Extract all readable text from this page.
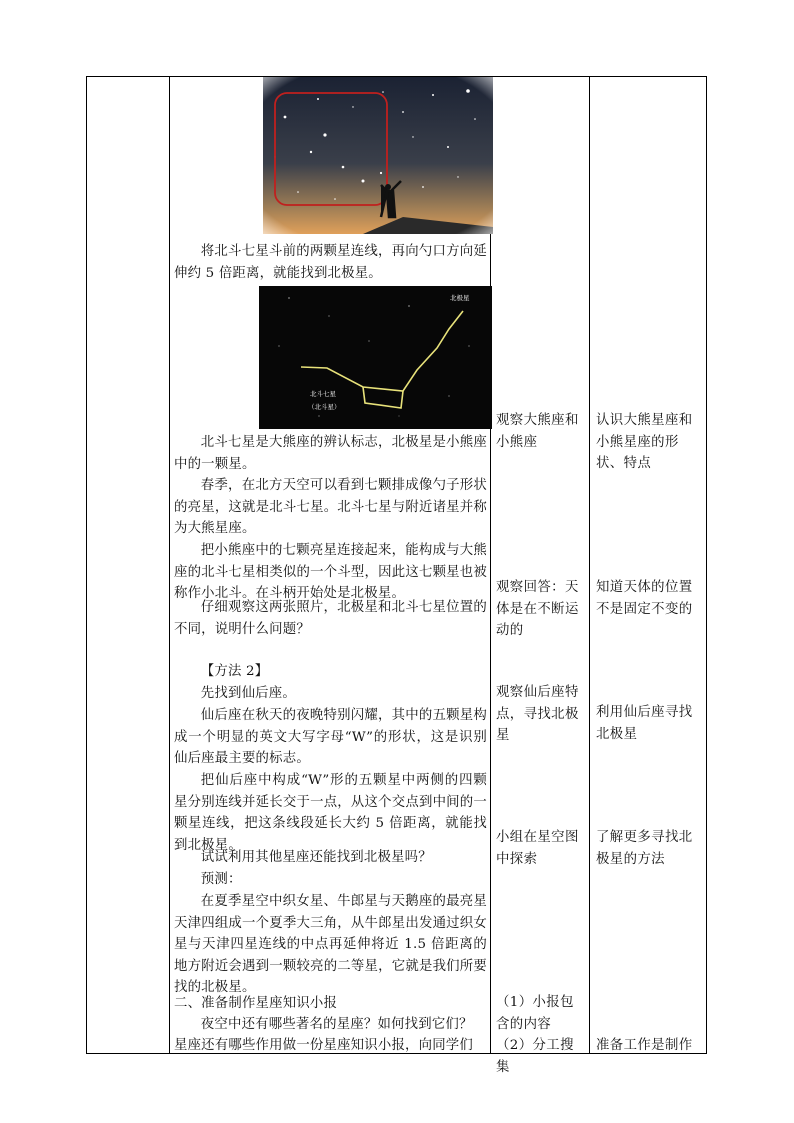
将北斗七星斗前的两颗星连线，再向勺口方向延伸约 5 倍距离，就能找到北极星。

北极星
北斗七星
（北斗星）

北斗七星是大熊座的辨认标志，北极星是小熊座中的一颗星。

春季，在北方天空可以看到七颗排成像勺子形状的亮星，这就是北斗七星。北斗七星与附近诸星并称为大熊星座。

把小熊座中的七颗亮星连接起来，能构成与大熊座的北斗七星相类似的一个斗型，因此这七颗星也被称作小北斗。在斗柄开始处是北极星。

仔细观察这两张照片，北极星和北斗七星位置的不同，说明什么问题？

【方法 2】

先找到仙后座。

仙后座在秋天的夜晚特别闪耀，其中的五颗星构成一个明显的英文大写字母“W”的形状，这是识别仙后座最主要的标志。

把仙后座中构成“W”形的五颗星中两侧的四颗星分别连线并延长交于一点，从这个交点到中间的一颗星连线，把这条线段延长大约 5 倍距离，就能找到北极星。

试试利用其他星座还能找到北极星吗？

预测：

在夏季星空中织女星、牛郎星与天鹅座的最亮星天津四组成一个夏季大三角，从牛郎星出发通过织女星与天津四星连线的中点再延伸将近 1.5 倍距离的地方附近会遇到一颗较亮的二等星，它就是我们所要找的北极星。

二、准备制作星座知识小报

夜空中还有哪些著名的星座？如何找到它们？

星座还有哪些作用做一份星座知识小报，向同学们

观察大熊座和小熊座

观察回答：天体是在不断运动的

观察仙后座特点，寻找北极星

小组在星空图中探索

（1）小报包含的内容

（2）分工搜集

认识大熊星座和小熊星座的形状、特点

知道天体的位置不是固定不变的

利用仙后座寻找北极星

了解更多寻找北极星的方法

准备工作是制作
